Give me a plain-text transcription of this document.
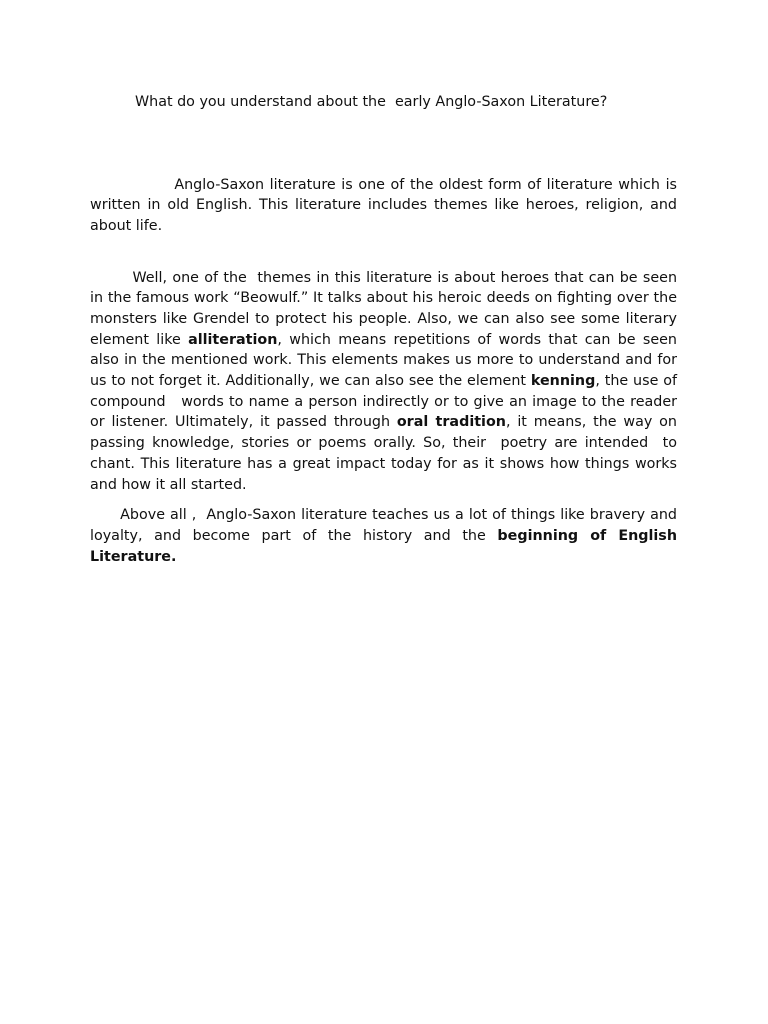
What do you understand about the  early Anglo-Saxon Literature?

Anglo-Saxon literature is one of the oldest form of literature which is written in old English. This literature includes themes like heroes, religion, and about life.

Well, one of the  themes in this literature is about heroes that can be seen in the famous work “Beowulf.” It talks about his heroic deeds on fighting over the monsters like Grendel to protect his people. Also, we can also see some literary element like alliteration, which means repetitions of words that can be seen also in the mentioned work. This elements makes us more to understand and for us to not forget it. Additionally, we can also see the element kenning, the use of compound   words to name a person indirectly or to give an image to the reader or listener. Ultimately, it passed through oral tradition, it means, the way on passing knowledge, stories or poems orally. So, their  poetry are intended  to chant. This literature has a great impact today for as it shows how things works and how it all started.

Above all ,  Anglo-Saxon literature teaches us a lot of things like bravery and loyalty, and become part of the history and the beginning of English Literature.
